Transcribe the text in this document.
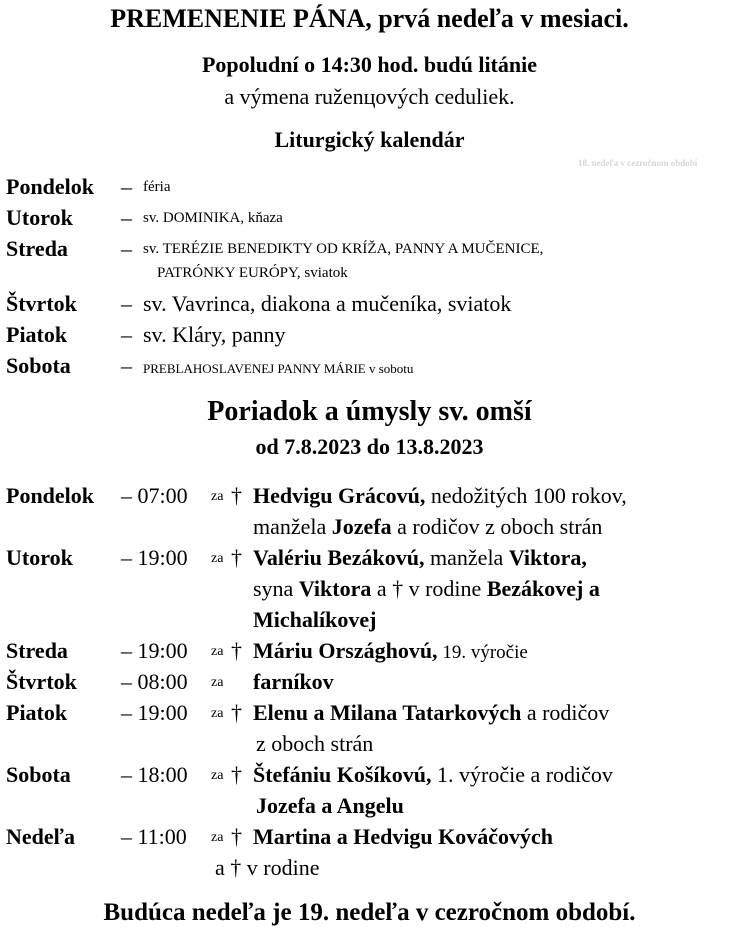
PREMENENIE PÁNA, prvá nedeľa v mesiaci.
Popoludní o 14:30 hod. budú litánie
a výmena ruženцových ceduliek.
Liturgický kalendár
18. nedeľa v cezročnom období
Pondelok – féria
Utorok – sv. DOMINIKA, kňaza
Streda – sv. TERÉZIE BENEDIKTY OD KRÍŽA, PANNY A MUČENICE,
PATRÓNKY EURÓPY, sviatok
Štvrtok – sv. Vavrinca, diakona a mučeníka, sviatok
Piatok – sv. Kláry, panny
Sobota – PREBLAHOSLAVENEJ PANNY MÁRIE v sobotu
Poriadok a úmysly sv. omší
od 7.8.2023 do 13.8.2023
Pondelok – 07:00 za † Hedvigu Grácovú, nedožitých 100 rokov,
manžela Jozefa a rodičov z oboch strán
Utorok – 19:00 za † Valériu Bezákovú, manžela Viktora,
syna Viktora a † v rodine Bezákovej a
Michalíkovej
Streda – 19:00 za † Máriu Országhovú, 19. výročie
Štvrtok – 08:00 za farníkov
Piatok – 19:00 za † Elenu a Milana Tatarkových a rodičov
z oboch strán
Sobota – 18:00 za † Štefániu Košíkovú, 1. výročie a rodičov
Jozefa a Angelu
Nedeľa – 11:00 za † Martina a Hedvigu Kováčových
a † v rodine
Budúca nedeľa je 19. nedeľa v cezročnom období.
